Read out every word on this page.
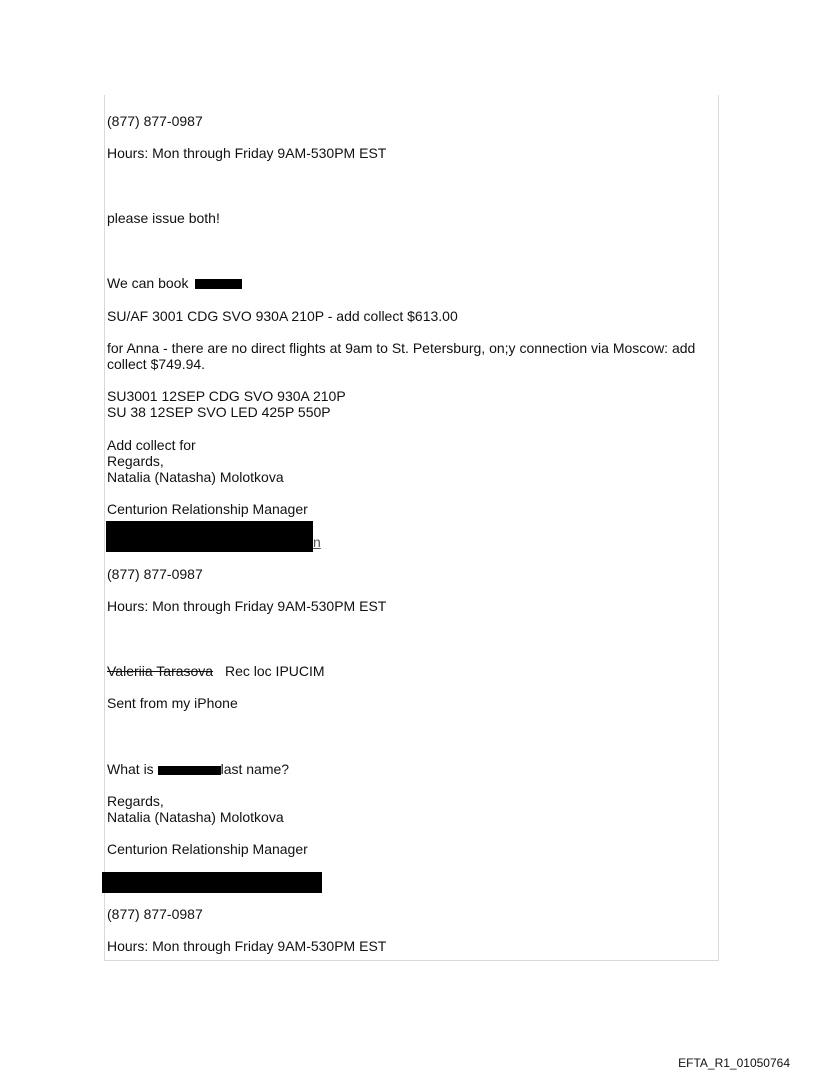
(877) 877-0987
Hours: Mon through Friday 9AM-530PM EST
please issue both!
We can book
SU/AF 3001 CDG SVO 930A 210P - add collect $613.00
for Anna - there are no direct flights at 9am to St. Petersburg, on;y connection via Moscow: add collect $749.94.
SU3001 12SEP CDG SVO 930A 210P
SU 38 12SEP SVO LED 425P 550P
Add collect for
Regards,
Natalia (Natasha) Molotkova
Centurion Relationship Manager
n
(877) 877-0987
Hours: Mon through Friday 9AM-530PM EST
Valeriia Tarasova Rec loc IPUCIM
Sent from my iPhone
What is	last name?
Regards,
Natalia (Natasha) Molotkova
Centurion Relationship Manager
(877) 877-0987
Hours: Mon through Friday 9AM-530PM EST
EFTA_R1_01050764
